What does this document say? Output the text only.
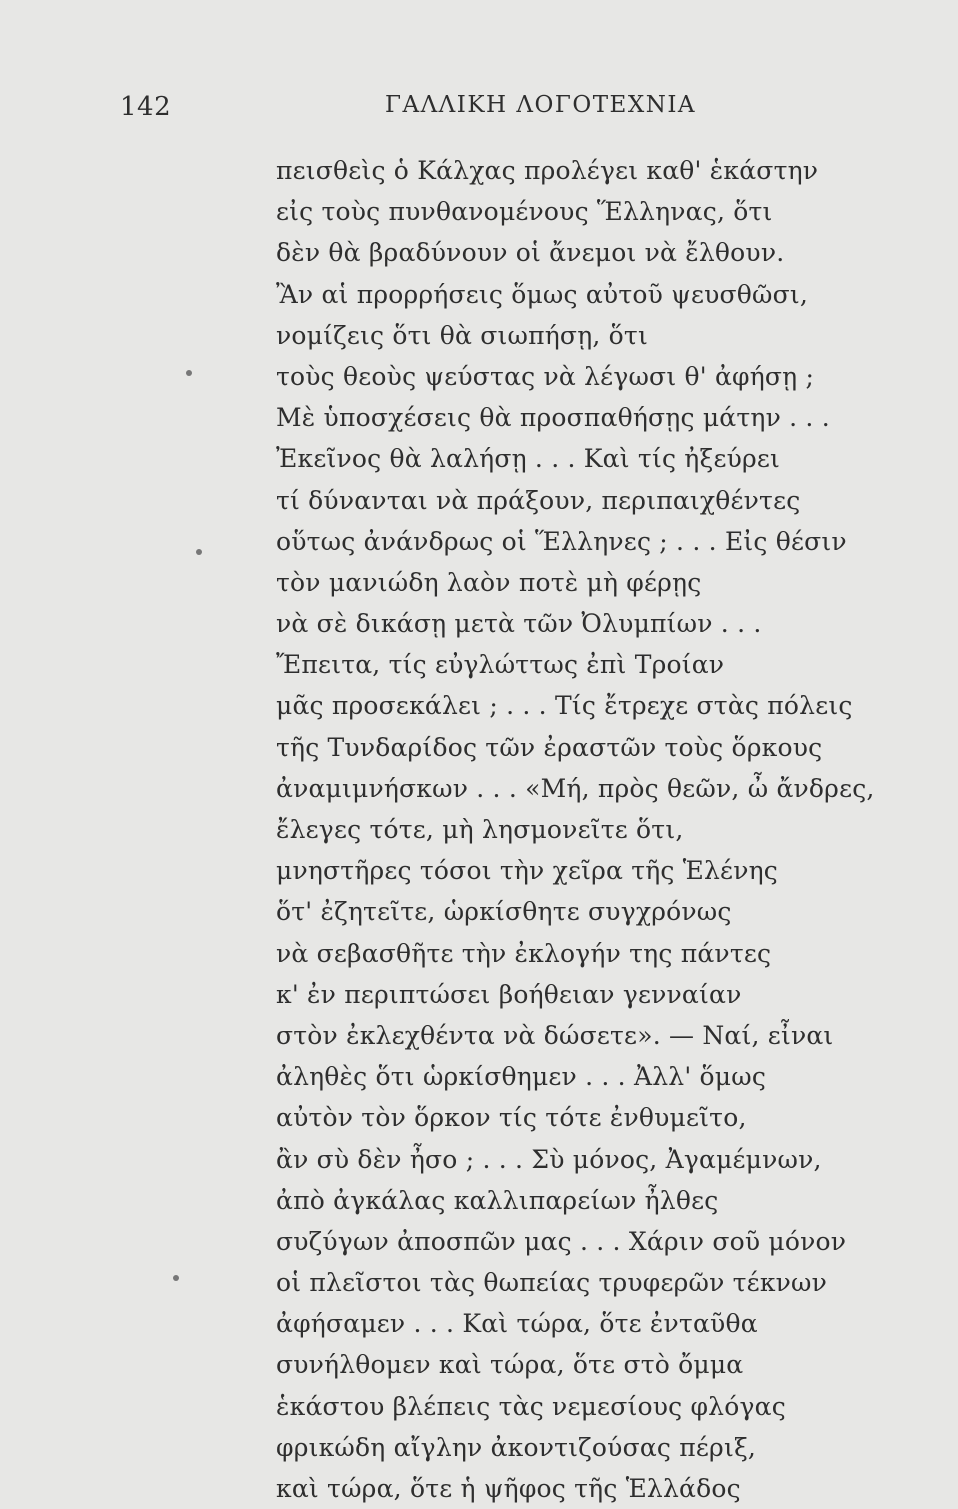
142	ΓΑΛΛΙΚΗ ΛΟΓΟΤΕΧΝΙΑ
πεισθεὶς ὁ Κάλχας προλέγει καθ' ἑκάστην
εἰς τοὺς πυνθανομένους Ἕλληνας, ὅτι
δὲν θὰ βραδύνουν οἱ ἄνεμοι νὰ ἔλθουν.
Ἂν αἱ προρρήσεις ὅμως αὐτοῦ ψευσθῶσι,
νομίζεις ὅτι θὰ σιωπήσῃ, ὅτι
τοὺς θεοὺς ψεύστας νὰ λέγωσι θ' ἀφήσῃ ;
Μὲ ὑποσχέσεις θὰ προσπαθήσῃς μάτην . . .
Ἐκεῖνος θὰ λαλήσῃ . . . Καὶ τίς ἠξεύρει
τί δύνανται νὰ πράξουν, περιπαιχθέντες
οὕτως ἀνάνδρως οἱ Ἕλληνες ; . . . Εἰς θέσιν
τὸν μανιώδη λαὸν ποτὲ μὴ φέρῃς
νὰ σὲ δικάσῃ μετὰ τῶν Ὀλυμπίων . . .
Ἔπειτα, τίς εὐγλώττως ἐπὶ Τροίαν
μᾶς προσεκάλει ; . . . Τίς ἔτρεχε στὰς πόλεις
τῆς Τυνδαρίδος τῶν ἐραστῶν τοὺς ὅρκους
ἀναμιμνήσκων . . . «Μή, πρὸς θεῶν, ὦ ἄνδρες,
ἔλεγες τότε, μὴ λησμονεῖτε ὅτι,
μνηστῆρες τόσοι τὴν χεῖρα τῆς Ἑλένης
ὅτ' ἐζητεῖτε, ὡρκίσθητε συγχρόνως
νὰ σεβασθῆτε τὴν ἐκλογήν της πάντες
κ' ἐν περιπτώσει βοήθειαν γενναίαν
στὸν ἐκλεχθέντα νὰ δώσετε». — Ναί, εἶναι
ἀληθὲς ὅτι ὡρκίσθημεν . . . Ἀλλ' ὅμως
αὐτὸν τὸν ὅρκον τίς τότε ἐνθυμεῖτο,
ἂν σὺ δὲν ἦσο ; . . . Σὺ μόνος, Ἀγαμέμνων,
ἀπὸ ἀγκάλας καλλιπαρείων ἦλθες
συζύγων ἀποσπῶν μας . . . Χάριν σοῦ μόνον
οἱ πλεῖστοι τὰς θωπείας τρυφερῶν τέκνων
ἀφήσαμεν . . . Καὶ τώρα, ὅτε ἐνταῦθα
συνήλθομεν καὶ τώρα, ὅτε στὸ ὄμμα
ἑκάστου βλέπεις τὰς νεμεσίους φλόγας
φρικώδη αἴγλην ἀκοντιζούσας πέριξ,
καὶ τώρα, ὅτε ἡ ψῆφος τῆς Ἑλλάδος
